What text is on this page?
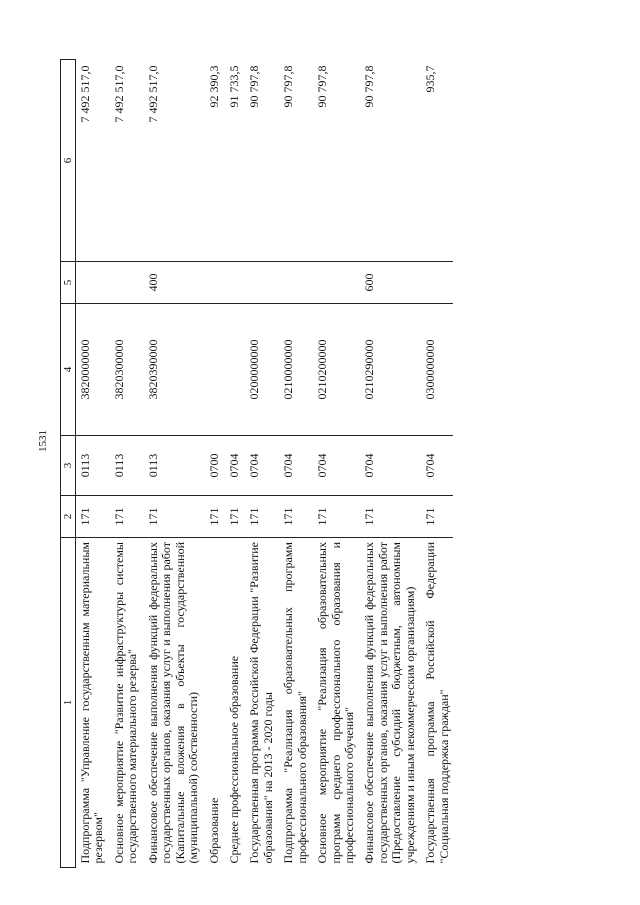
1531
1	2	3	4	5	6
Подпрограмма "Управление государственным материальным резервом"	171	0113	3820000000		7 492 517,0
Основное мероприятие "Развитие инфраструктуры системы государственного материального резерва"	171	0113	3820300000		7 492 517,0
Финансовое обеспечение выполнения функций федеральных государственных органов, оказания услуг и выполнения работ (Капитальные вложения в объекты государственной (муниципальной) собственности)	171	0113	3820390000	400	7 492 517,0
Образование	171	0700			92 390,3
Среднее профессиональное образование	171	0704			91 733,5
Государственная программа Российской Федерации "Развитие образования" на 2013 - 2020 годы	171	0704	0200000000		90 797,8
Подпрограмма "Реализация образовательных программ профессионального образования"	171	0704	0210000000		90 797,8
Основное мероприятие "Реализация образовательных программ среднего профессионального образования и профессионального обучения"	171	0704	0210200000		90 797,8
Финансовое обеспечение выполнения функций федеральных государственных органов, оказания услуг и выполнения работ (Предоставление субсидий бюджетным, автономным учреждениям и иным некоммерческим организациям)	171	0704	0210290000	600	90 797,8
Государственная программа Российской Федерации "Социальная поддержка граждан"	171	0704	0300000000		935,7
